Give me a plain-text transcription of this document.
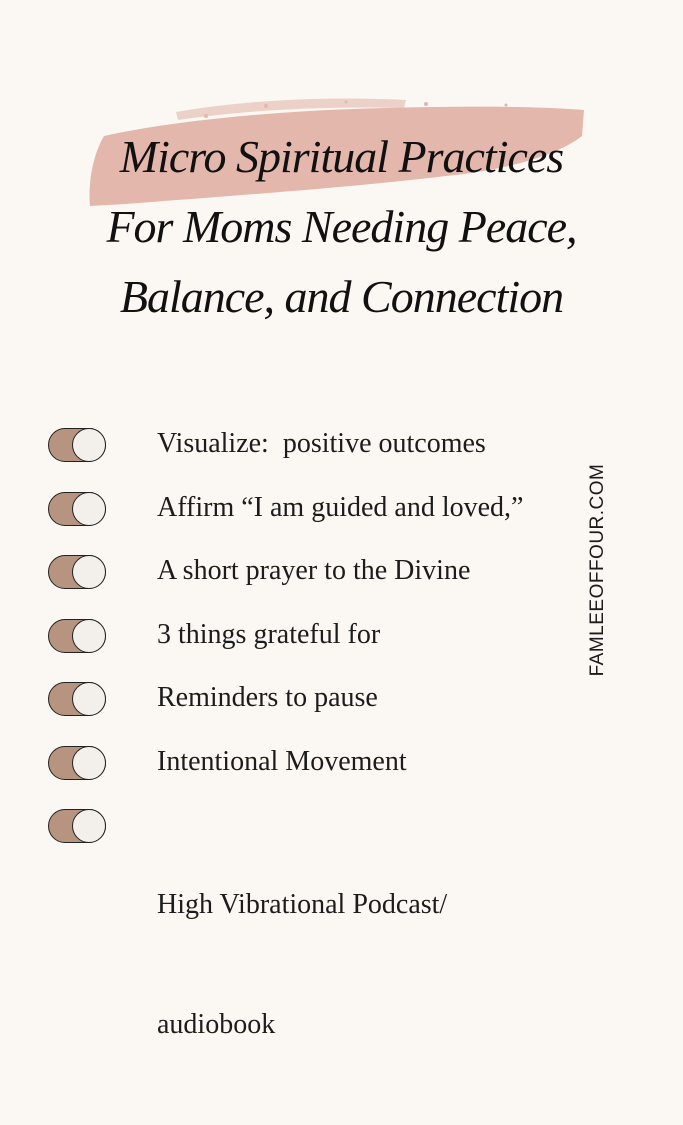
Micro Spiritual Practices
For Moms Needing Peace,
Balance, and Connection
Visualize:  positive outcomes
Affirm “I am guided and loved,”
A short prayer to the Divine
3 things grateful for
Reminders to pause
Intentional Movement

High Vibrational Podcast/

audiobook

FAMLEEOFFOUR.COM
